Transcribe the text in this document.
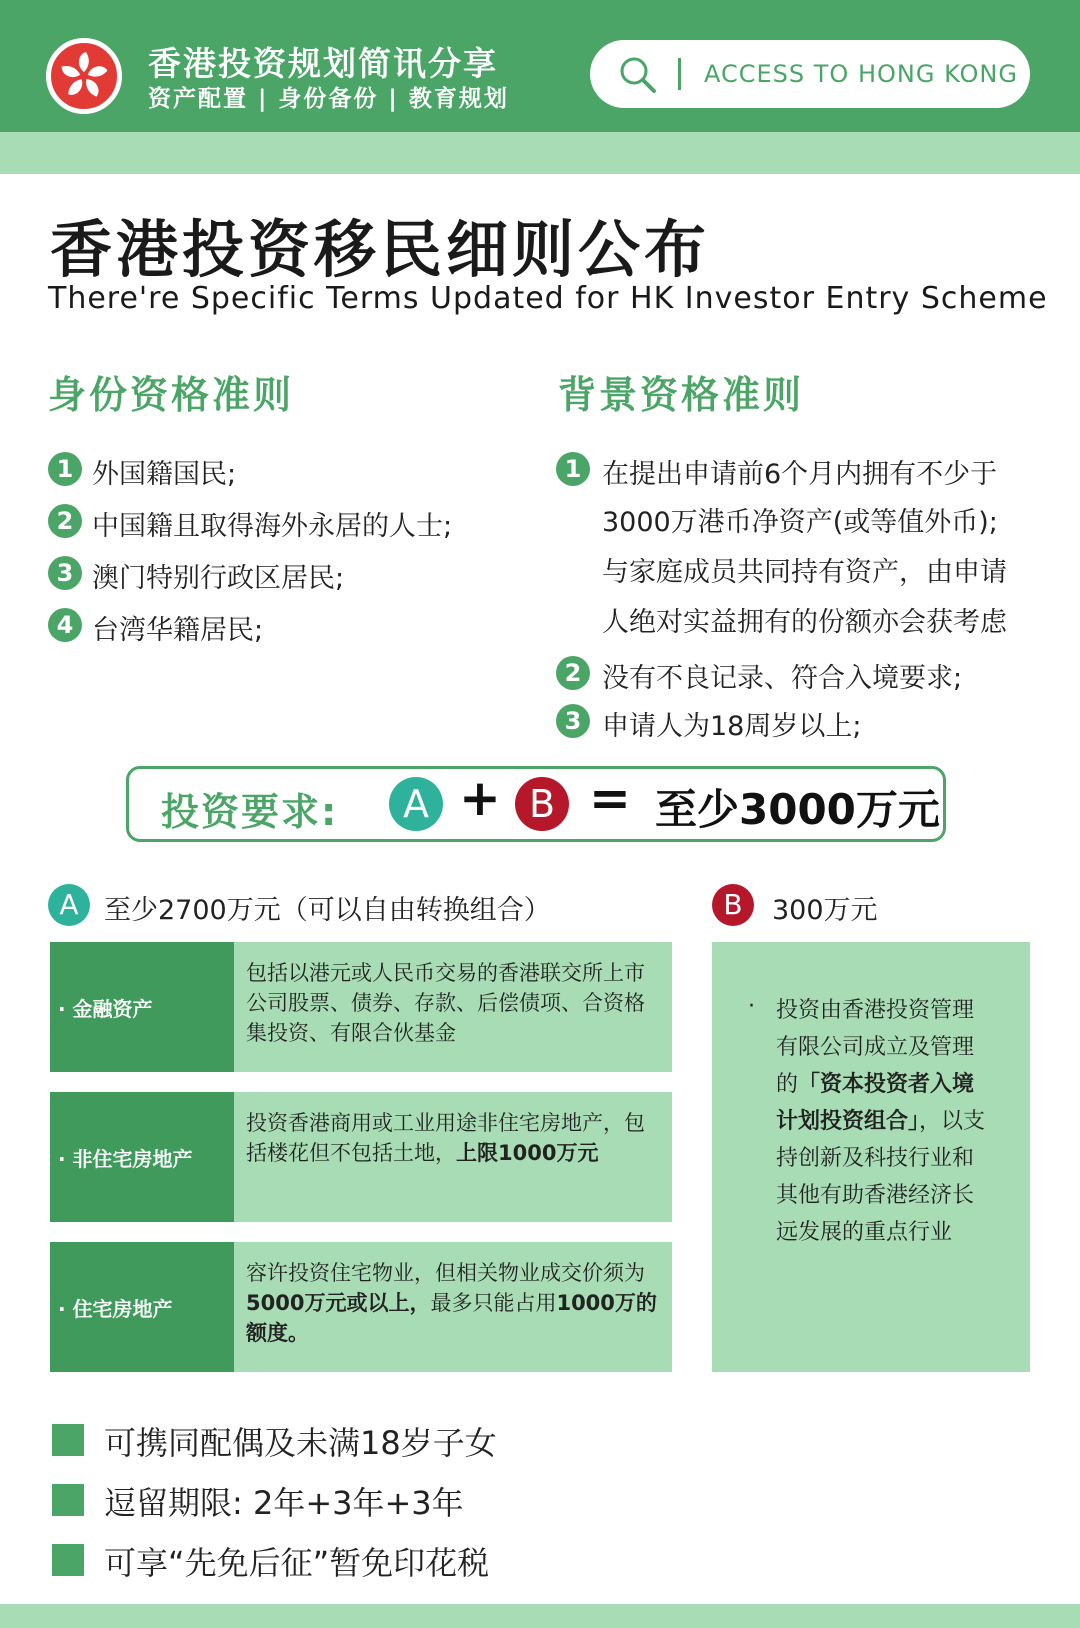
香港投资规划简讯分享
资产配置 | 身份备份 | 教育规划
ACCESS TO HONG KONG
香港投资移民细则公布
There're Specific Terms Updated for HK Investor Entry Scheme
身份资格准则
1 外国籍国民;
2 中国籍且取得海外永居的人士;
3 澳门特别行政区居民;
4 台湾华籍居民;
背景资格准则
1 在提出申请前6个月内拥有不少于
3000万港币净资产(或等值外币);
与家庭成员共同持有资产，由申请
人绝对实益拥有的份额亦会获考虑
2 没有不良记录、符合入境要求;
3 申请人为18周岁以上;
投资要求:	A + B = 至少3000万元
A 至少2700万元（可以自由转换组合）
· 金融资产
包括以港元或人民币交易的香港联交所上市公司股票、债券、存款、后偿债项、合资格集投资、有限合伙基金
· 非住宅房地产
投资香港商用或工业用途非住宅房地产，包括楼花但不包括土地，上限1000万元
· 住宅房地产
容许投资住宅物业，但相关物业成交价须为5000万元或以上，最多只能占用1000万的额度。
B	300万元
· 投资由香港投资管理有限公司成立及管理的「资本投资者入境计划投资组合」，以支持创新及科技行业和其他有助香港经济长远发展的重点行业
可携同配偶及未满18岁子女
逗留期限: 2年+3年+3年
可享“先免后征”暂免印花税
